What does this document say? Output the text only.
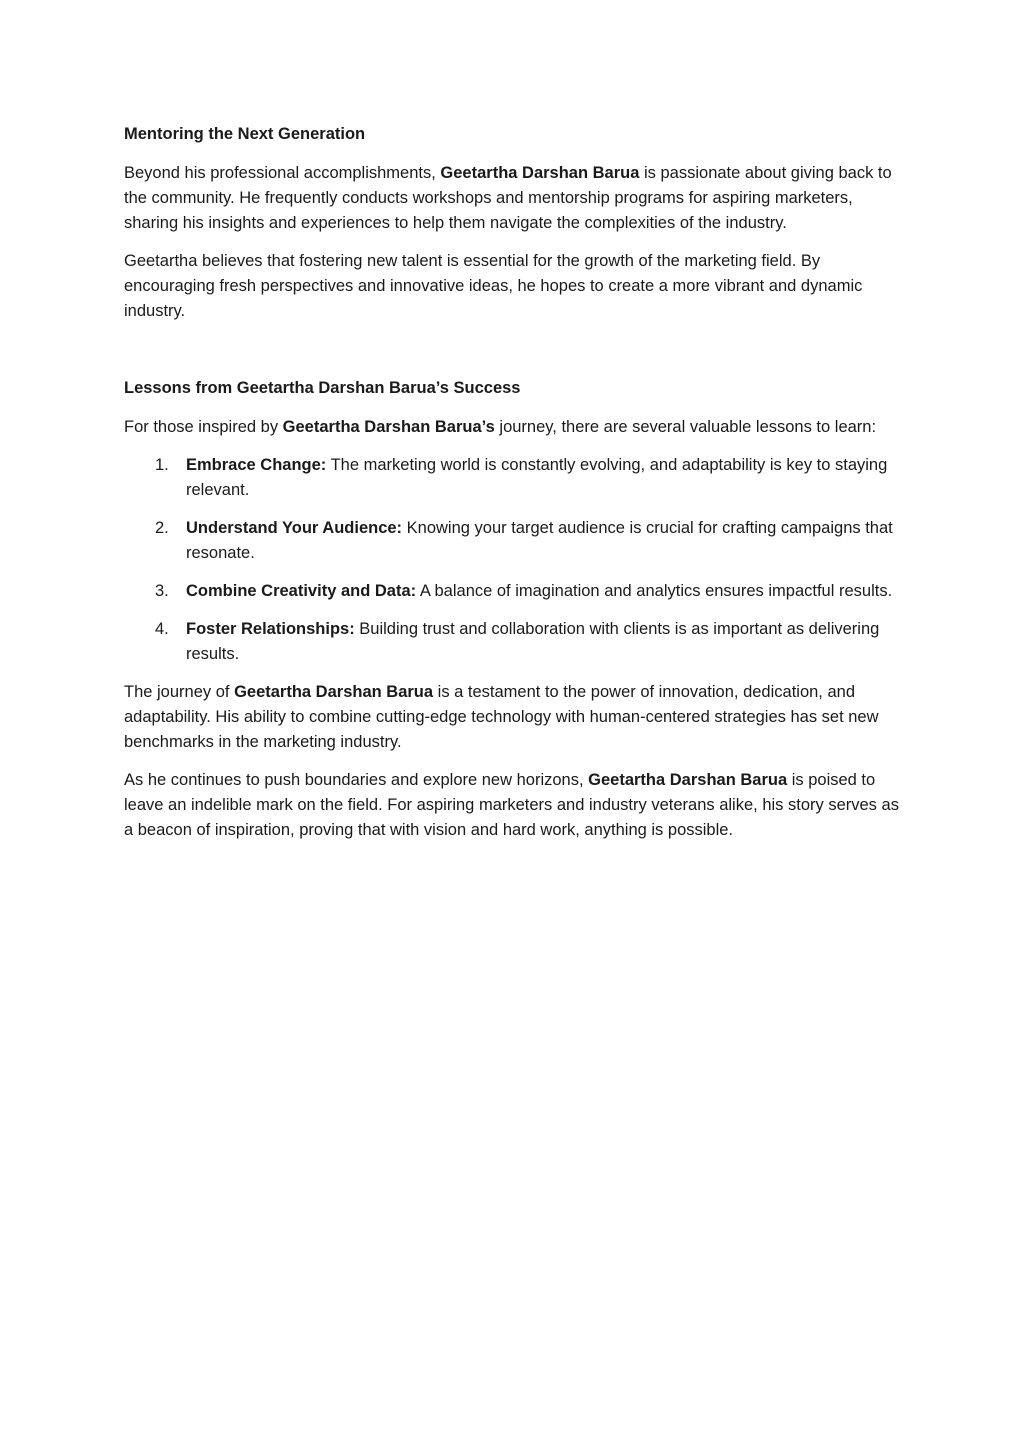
Mentoring the Next Generation

Beyond his professional accomplishments, Geetartha Darshan Barua is passionate about giving back to the community. He frequently conducts workshops and mentorship programs for aspiring marketers, sharing his insights and experiences to help them navigate the complexities of the industry.

Geetartha believes that fostering new talent is essential for the growth of the marketing field. By encouraging fresh perspectives and innovative ideas, he hopes to create a more vibrant and dynamic industry.

Lessons from Geetartha Darshan Barua’s Success

For those inspired by Geetartha Darshan Barua’s journey, there are several valuable lessons to learn:

1. Embrace Change: The marketing world is constantly evolving, and adaptability is key to staying relevant.
2. Understand Your Audience: Knowing your target audience is crucial for crafting campaigns that resonate.
3. Combine Creativity and Data: A balance of imagination and analytics ensures impactful results.
4. Foster Relationships: Building trust and collaboration with clients is as important as delivering results.

The journey of Geetartha Darshan Barua is a testament to the power of innovation, dedication, and adaptability. His ability to combine cutting-edge technology with human-centered strategies has set new benchmarks in the marketing industry.

As he continues to push boundaries and explore new horizons, Geetartha Darshan Barua is poised to leave an indelible mark on the field. For aspiring marketers and industry veterans alike, his story serves as a beacon of inspiration, proving that with vision and hard work, anything is possible.
